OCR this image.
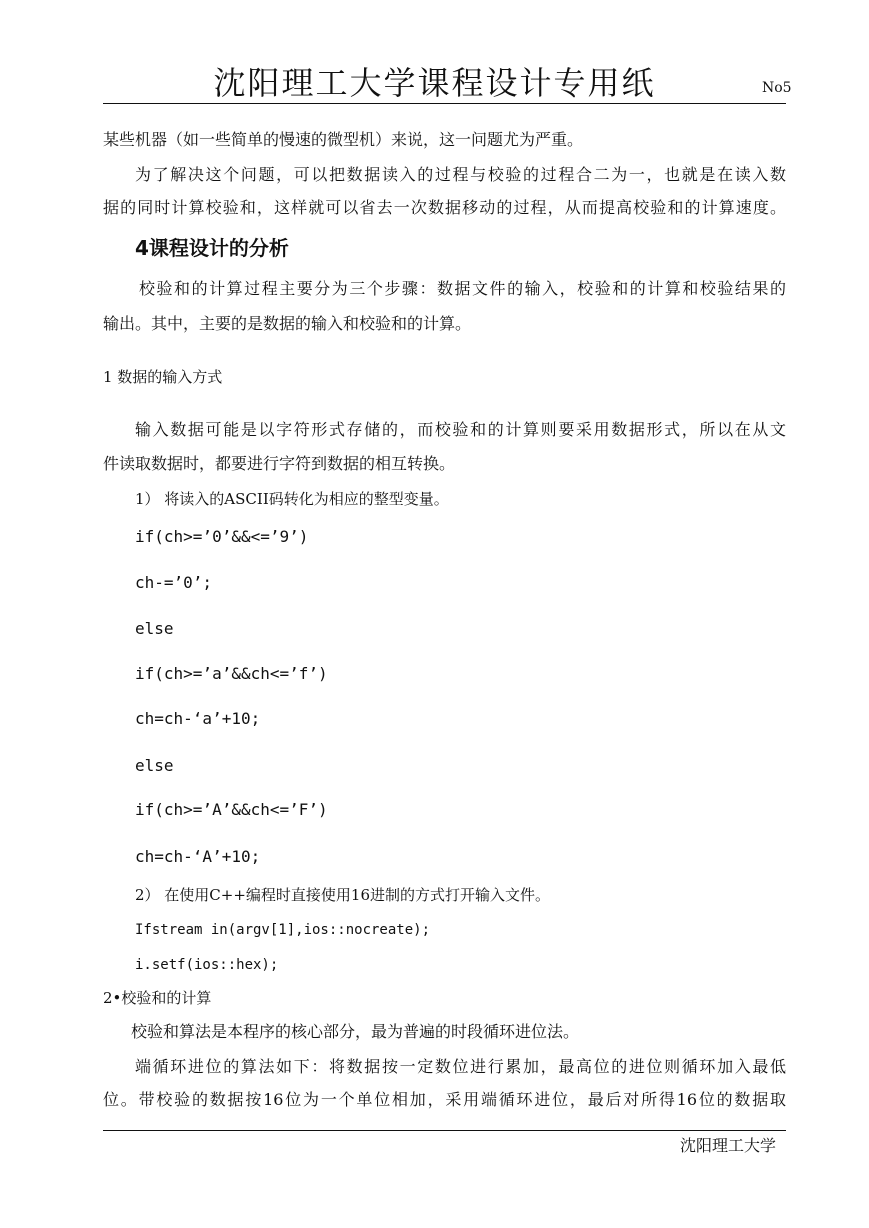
沈阳理工大学课程设计专用纸	No5
某些机器（如一些简单的慢速的微型机）来说，这一问题尤为严重。
为了解决这个问题，可以把数据读入的过程与校验的过程合二为一，也就是在读入数
据的同时计算校验和，这样就可以省去一次数据移动的过程，从而提高校验和的计算速度。
4课程设计的分析
校验和的计算过程主要分为三个步骤：数据文件的输入，校验和的计算和校验结果的
输出。其中，主要的是数据的输入和校验和的计算。
1 数据的输入方式
输入数据可能是以字符形式存储的，而校验和的计算则要采用数据形式，所以在从文
件读取数据时，都要进行字符到数据的相互转换。
1） 将读入的ASCII码转化为相应的整型变量。
if(ch>=’0’&&<=’9’)
ch-=’0’;
else
if(ch>=’a’&&ch<=’f’)
ch=ch-‘a’+10;
else
if(ch>=’A’&&ch<=’F’)
ch=ch-‘A’+10;
2） 在使用C++编程时直接使用16进制的方式打开输入文件。
Ifstream in(argv[1],ios::nocreate);
i.setf(ios::hex);
2•校验和的计算
校验和算法是本程序的核心部分，最为普遍的时段循环进位法。
端循环进位的算法如下：将数据按一定数位进行累加，最高位的进位则循环加入最低
位。带校验的数据按16位为一个单位相加，采用端循环进位，最后对所得16位的数据取
沈阳理工大学
